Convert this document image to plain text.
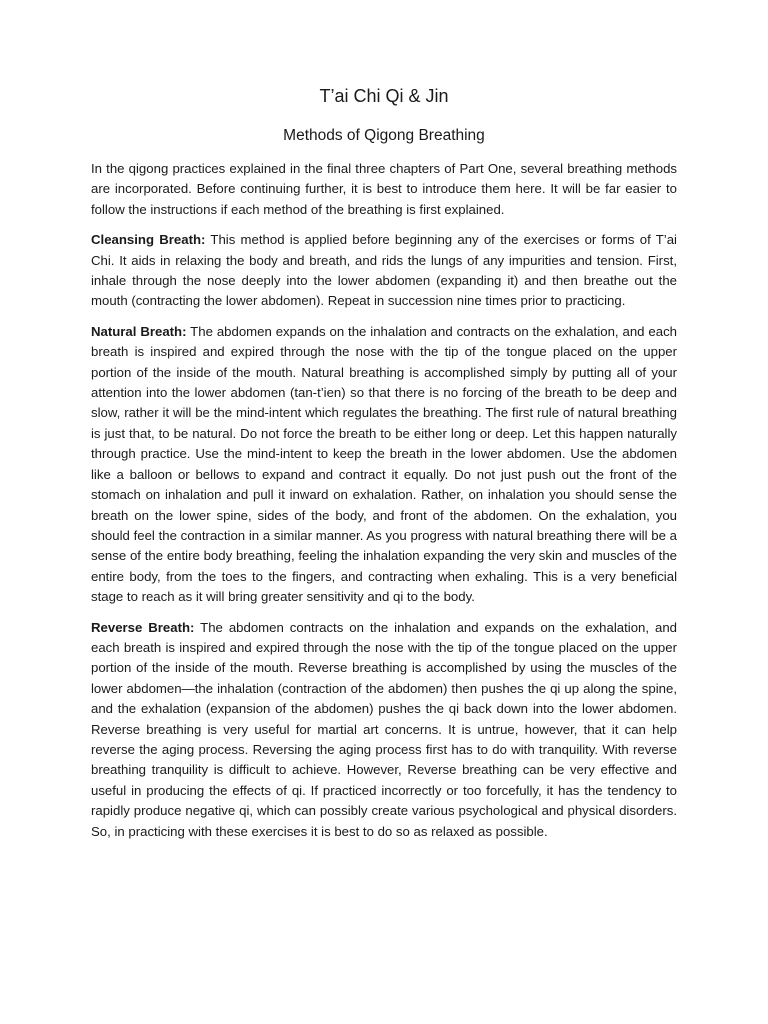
T’ai Chi Qi & Jin
Methods of Qigong Breathing

In the qigong practices explained in the final three chapters of Part One, several breathing methods are incorporated. Before continuing further, it is best to introduce them here. It will be far easier to follow the instructions if each method of the breathing is first explained.

Cleansing Breath: This method is applied before beginning any of the exercises or forms of T’ai Chi. It aids in relaxing the body and breath, and rids the lungs of any impurities and tension. First, inhale through the nose deeply into the lower abdomen (expanding it) and then breathe out the mouth (contracting the lower abdomen). Repeat in succession nine times prior to practicing.

Natural Breath: The abdomen expands on the inhalation and contracts on the exhalation, and each breath is inspired and expired through the nose with the tip of the tongue placed on the upper portion of the inside of the mouth. Natural breathing is accomplished simply by putting all of your attention into the lower abdomen (tan-t’ien) so that there is no forcing of the breath to be deep and slow, rather it will be the mind-intent which regulates the breathing. The first rule of natural breathing is just that, to be natural. Do not force the breath to be either long or deep. Let this happen naturally through practice. Use the mind-intent to keep the breath in the lower abdomen. Use the abdomen like a balloon or bellows to expand and contract it equally. Do not just push out the front of the stomach on inhalation and pull it inward on exhalation. Rather, on inhalation you should sense the breath on the lower spine, sides of the body, and front of the abdomen. On the exhalation, you should feel the contraction in a similar manner. As you progress with natural breathing there will be a sense of the entire body breathing, feeling the inhalation expanding the very skin and muscles of the entire body, from the toes to the fingers, and contracting when exhaling. This is a very beneficial stage to reach as it will bring greater sensitivity and qi to the body.

Reverse Breath: The abdomen contracts on the inhalation and expands on the exhalation, and each breath is inspired and expired through the nose with the tip of the tongue placed on the upper portion of the inside of the mouth. Reverse breathing is accomplished by using the muscles of the lower abdomen—the inhalation (contraction of the abdomen) then pushes the qi up along the spine, and the exhalation (expansion of the abdomen) pushes the qi back down into the lower abdomen. Reverse breathing is very useful for martial art concerns. It is untrue, however, that it can help reverse the aging process. Reversing the aging process first has to do with tranquility. With reverse breathing tranquility is difficult to achieve. However, Reverse breathing can be very effective and useful in producing the effects of qi. If practiced incorrectly or too forcefully, it has the tendency to rapidly produce negative qi, which can possibly create various psychological and physical disorders. So, in practicing with these exercises it is best to do so as relaxed as possible.
